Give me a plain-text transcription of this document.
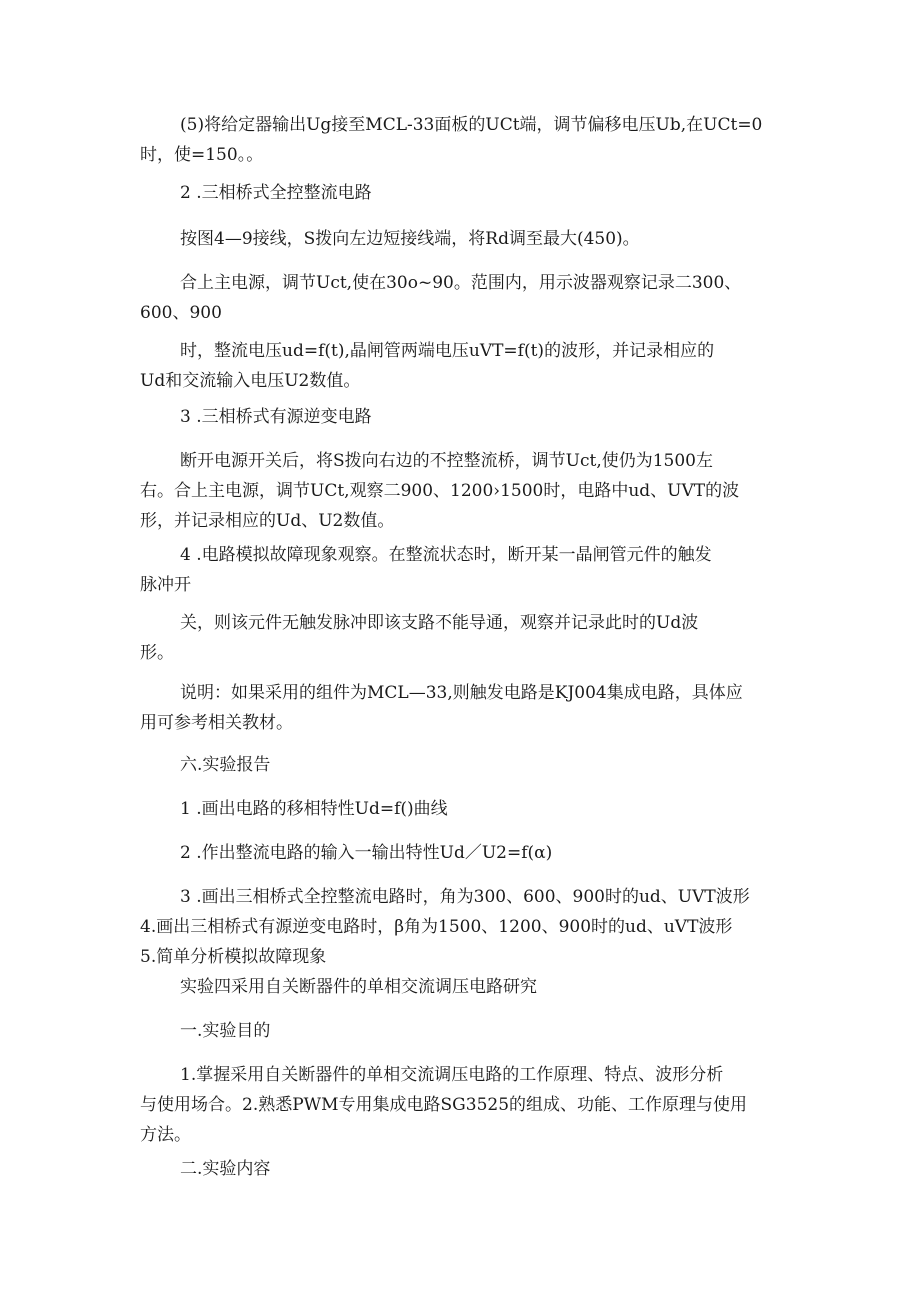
(5)将给定器输出Ug接至MCL-33面板的UCt端，调节偏移电压Ub,在UCt=0
时，使=150。。
2 .三相桥式全控整流电路
按图4—9接线，S拨向左边短接线端，将Rd调至最大(450)。
合上主电源，调节Uct,使在30o~90。范围内，用示波器观察记录二300、
600、900
时，整流电压ud=f(t),晶闸管两端电压uVT=f(t)的波形，并记录相应的
Ud和交流输入电压U2数值。
3 .三相桥式有源逆变电路
断开电源开关后，将S拨向右边的不控整流桥，调节Uct,使仍为1500左
右。合上主电源，调节UCt,观察二900、1200›1500时，电路中ud、UVT的波
形，并记录相应的Ud、U2数值。
4 .电路模拟故障现象观察。在整流状态时，断开某一晶闸管元件的触发
脉冲开
关，则该元件无触发脉冲即该支路不能导通，观察并记录此时的Ud波
形。
说明：如果采用的组件为MCL—33,则触发电路是KJ004集成电路，具体应
用可参考相关教材。
六.实验报告
1 .画出电路的移相特性Ud=f()曲线
2 .作出整流电路的输入一输出特性Ud／U2=f(α)
3 .画出三相桥式全控整流电路时，角为300、600、900时的ud、UVT波形
4.画出三相桥式有源逆变电路时，β角为1500、1200、900时的ud、uVT波形
5.简单分析模拟故障现象
实验四采用自关断器件的单相交流调压电路研究
一.实验目的
1.掌握采用自关断器件的单相交流调压电路的工作原理、特点、波形分析
与使用场合。2.熟悉PWM专用集成电路SG3525的组成、功能、工作原理与使用
方法。
二.实验内容
